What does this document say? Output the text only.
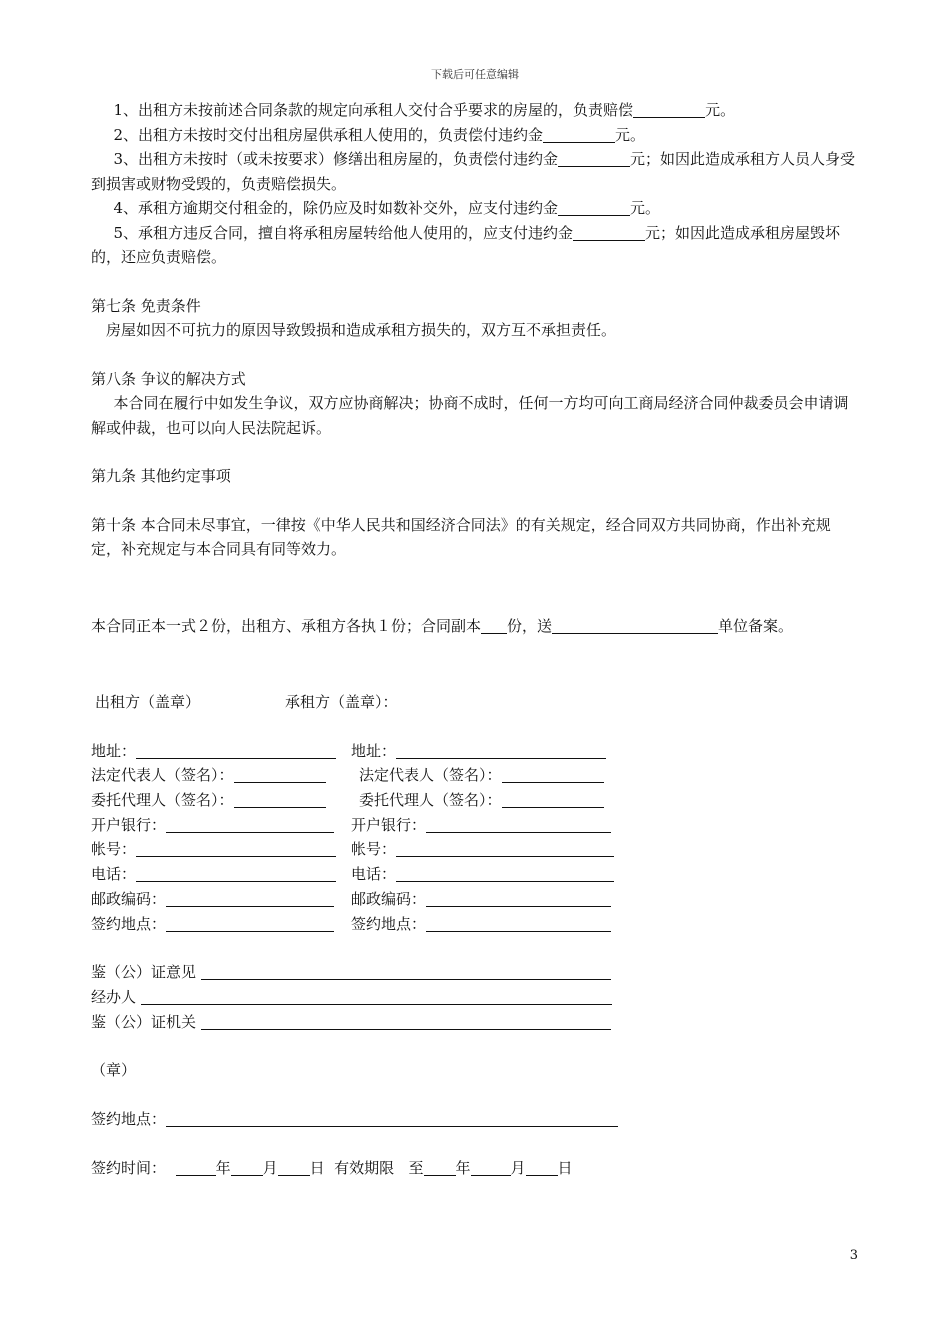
下载后可任意编辑

1、出租方未按前述合同条款的规定向承租人交付合乎要求的房屋的，负责赔偿	元。

2、出租方未按时交付出租房屋供承租人使用的，负责偿付违约金	元。

3、出租方未按时（或未按要求）修缮出租房屋的，负责偿付违约金	元；如因此造成承租方人员人身受到损害或财物受毁的，负责赔偿损失。

4、承租方逾期交付租金的，除仍应及时如数补交外，应支付违约金	元。

5、承租方违反合同，擅自将承租房屋转给他人使用的，应支付违约金	元；如因此造成承租房屋毁坏的，还应负责赔偿。

第七条 免责条件

房屋如因不可抗力的原因导致毁损和造成承租方损失的，双方互不承担责任。

第八条 争议的解决方式

本合同在履行中如发生争议，双方应协商解决；协商不成时，任何一方均可向工商局经济合同仲裁委员会申请调解或仲裁，也可以向人民法院起诉。

第九条 其他约定事项

第十条 本合同未尽事宜，一律按《中华人民共和国经济合同法》的有关规定，经合同双方共同协商，作出补充规定，补充规定与本合同具有同等效力。

本合同正本一式２份，出租方、承租方各执１份；合同副本 份，送	单位备案。

出租方（盖章）	承租方（盖章）：
地址：	地址：
法定代表人（签名）：	法定代表人（签名）：
委托代理人（签名）：	委托代理人（签名）：
开户银行：	开户银行：
帐号：	帐号：
电话：	电话：
邮政编码：	邮政编码：
签约地点：	签约地点：
鉴（公）证意见
经办人
鉴（公）证机关
（章）
签约地点：
签约时间：	年 月 日 有效期限 至 年	月 日
3
